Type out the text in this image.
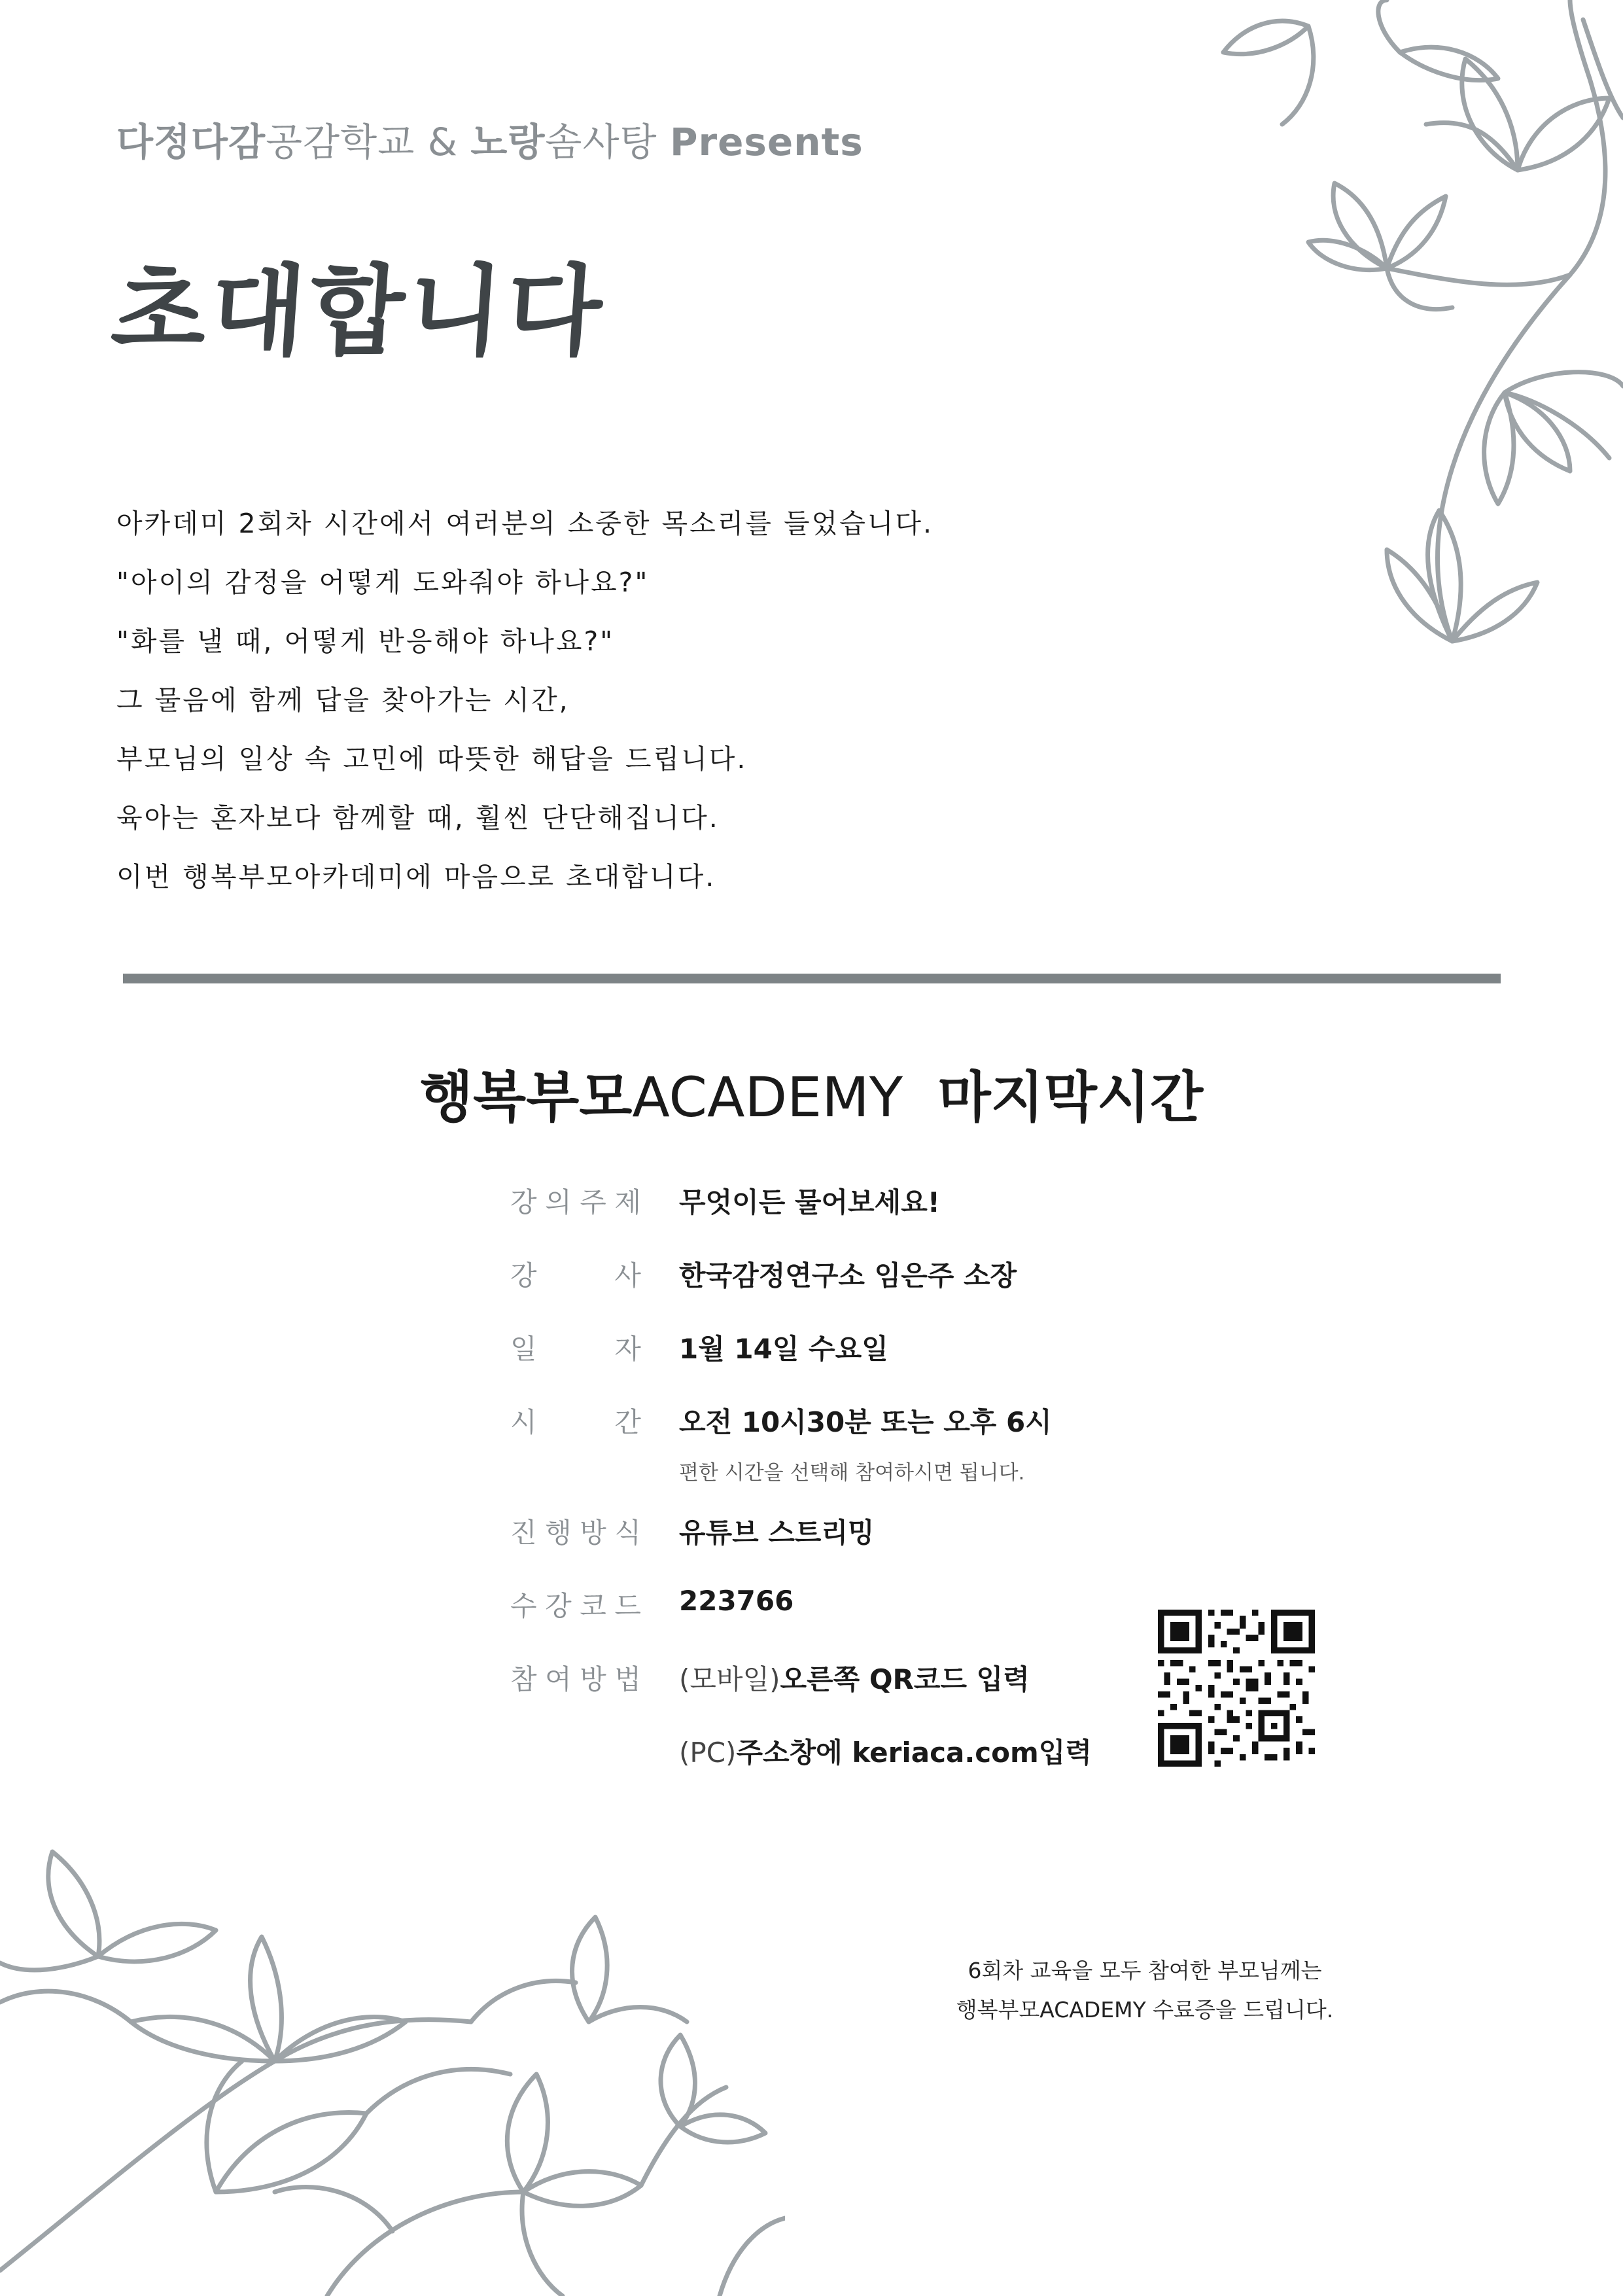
다정다감공감학교 & 노랑솜사탕 Presents
초대합니다
아카데미 2회차 시간에서 여러분의 소중한 목소리를 들었습니다.
"아이의 감정을 어떻게 도와줘야 하나요?"
"화를 낼 때, 어떻게 반응해야 하나요?"
그 물음에 함께 답을 찾아가는 시간,
부모님의 일상 속 고민에 따뜻한 해답을 드립니다.
육아는 혼자보다 함께할 때, 훨씬 단단해집니다.
이번 행복부모아카데미에 마음으로 초대합니다.
행복부모ACADEMY 마지막시간
강 의 주 제 무엇이든 물어보세요!
강	사 한국감정연구소 임은주 소장
일	자 1월 14일 수요일
시	간 오전 10시30분 또는 오후 6시
편한 시간을 선택해 참여하시면 됩니다.
진 행 방 식 유튜브 스트리밍
수 강 코 드 223766
참 여 방 법 (모바일)오른쪽 QR코드 입력
(PC)주소창에 keriaca.com입력
6회차 교육을 모두 참여한 부모님께는
행복부모ACADEMY 수료증을 드립니다.
